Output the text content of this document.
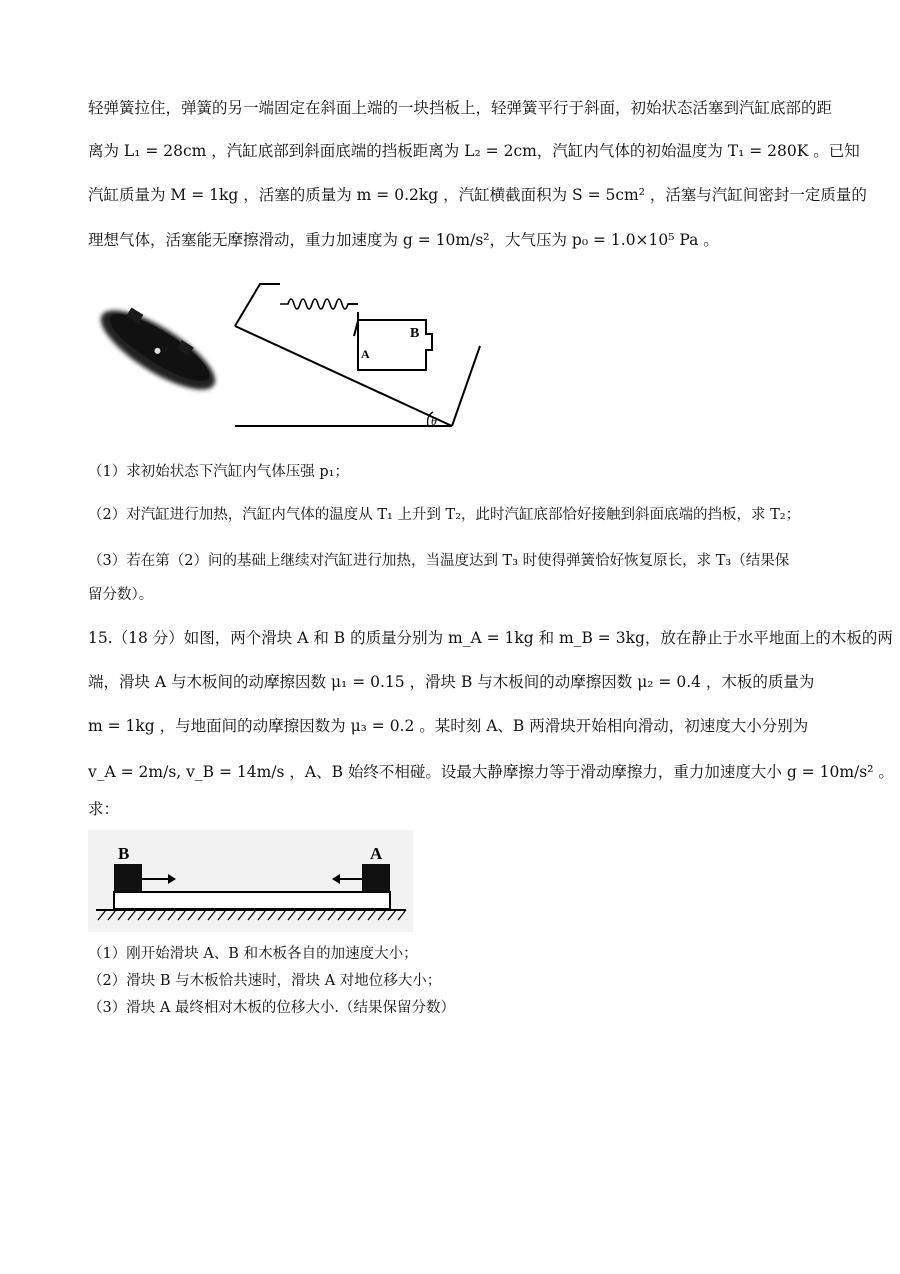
轻弹簧拉住，弹簧的另一端固定在斜面上端的一块挡板上，轻弹簧平行于斜面，初始状态活塞到汽缸底部的距
离为 L₁ = 28cm ，汽缸底部到斜面底端的挡板距离为 L₂ = 2cm，汽缸内气体的初始温度为 T₁ = 280K 。已知
汽缸质量为 M = 1kg ，活塞的质量为 m = 0.2kg ，汽缸横截面积为 S = 5cm² ，活塞与汽缸间密封一定质量的
理想气体，活塞能无摩擦滑动，重力加速度为 g = 10m/s²，大气压为 p₀ = 1.0×10⁵ Pa 。
B
A
θ
（1）求初始状态下汽缸内气体压强 p₁；
（2）对汽缸进行加热，汽缸内气体的温度从 T₁ 上升到 T₂，此时汽缸底部恰好接触到斜面底端的挡板，求 T₂；
（3）若在第（2）问的基础上继续对汽缸进行加热，当温度达到 T₃ 时使得弹簧恰好恢复原长，求 T₃（结果保
留分数）。
15.（18 分）如图，两个滑块 A 和 B 的质量分别为 m_A = 1kg 和 m_B = 3kg，放在静止于水平地面上的木板的两
端，滑块 A 与木板间的动摩擦因数 μ₁ = 0.15 ，滑块 B 与木板间的动摩擦因数 μ₂ = 0.4 ，木板的质量为
m = 1kg ，与地面间的动摩擦因数为 μ₃ = 0.2 。某时刻 A、B 两滑块开始相向滑动，初速度大小分别为
v_A = 2m/s, v_B = 14m/s ，A、B 始终不相碰。设最大静摩擦力等于滑动摩擦力，重力加速度大小 g = 10m/s² 。
求：
B	A
（1）刚开始滑块 A、B 和木板各自的加速度大小；
（2）滑块 B 与木板恰共速时，滑块 A 对地位移大小；
（3）滑块 A 最终相对木板的位移大小.（结果保留分数）
